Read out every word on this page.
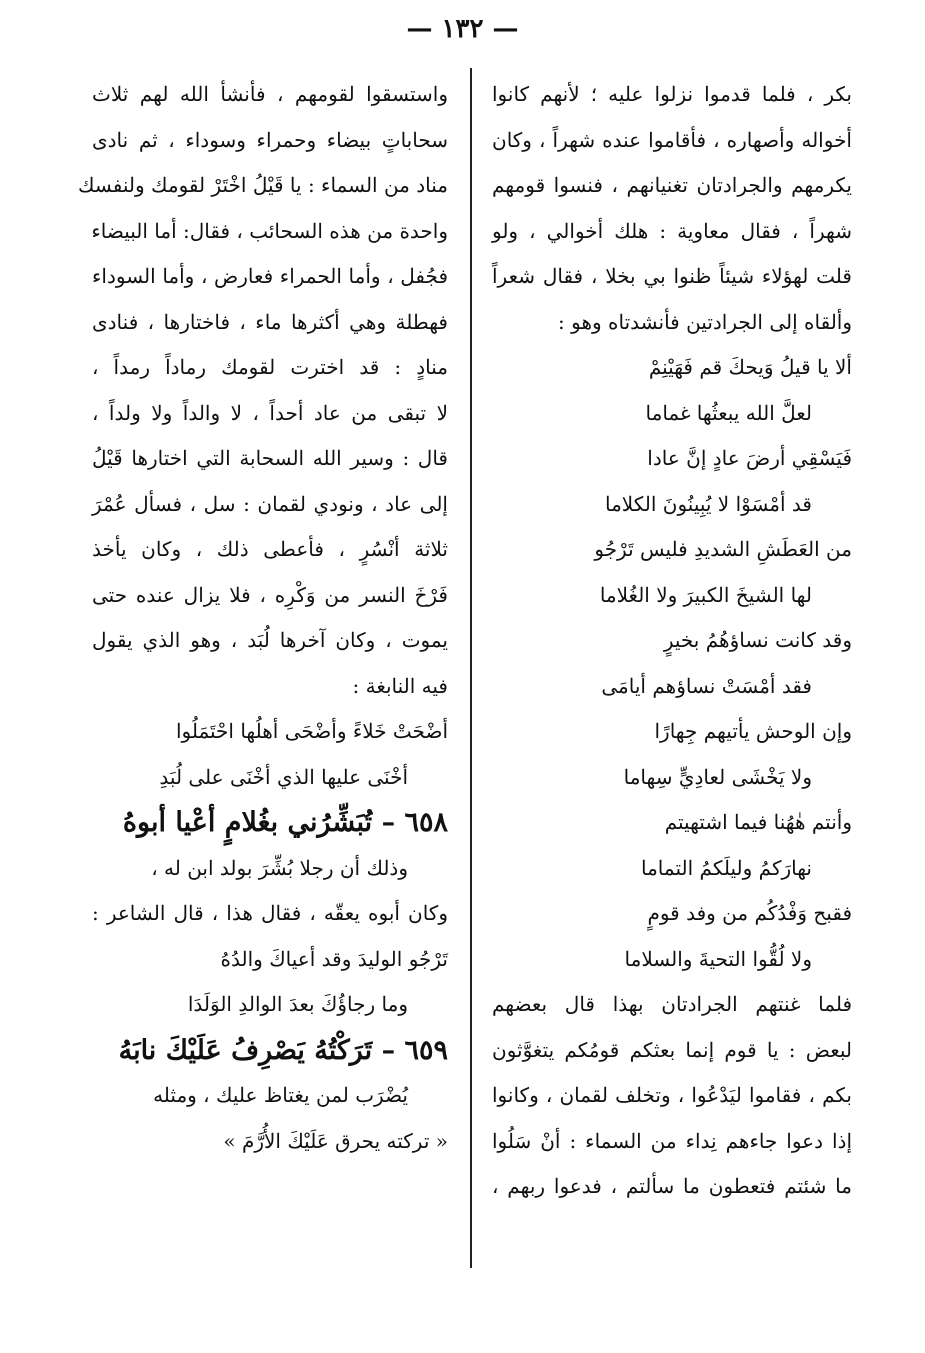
— ١٣٢ —
بكر ، فلما قدموا نزلوا عليه ؛ لأنهم كانوا
أخواله وأصهاره ، فأقاموا عنده شهراً ، وكان
يكرمهم والجرادتان تغنيانهم ، فنسوا قومهم
شهراً ، فقال معاوية : هلك أخوالي ، ولو
قلت لهؤلاء شيئاً ظنوا بي بخلا ، فقال شعراً
وألقاه إلى الجرادتين فأنشدتاه وهو :
ألا يا قيلُ وَيحكَ قم فَهَيْنِمْ
لعلَّ الله يبعثُها غماما
فَيَسْقِي أرضَ عادٍ إنَّ عادا
قد أمْسَوْا لا يُبِينُونَ الكلاما
من العَطَشِ الشديدِ فليس تَرْجُو
لها الشيخَ الكبيرَ ولا الغُلاما
وقد كانت نساؤهُمُ بخيرٍ
فقد أمْسَتْ نساؤهم أيامَى
وإن الوحش يأتيهم جِهارًا
ولا يَخْشَى لعادِيٍّ سِهاما
وأنتم هٰهُنا فيما اشتهيتم
نهارَكمُ وليلَكمُ التماما
فقبح وَفْدُكُم من وفد قومٍ
ولا لُقُّوا التحيةَ والسلاما
فلما غنتهم الجرادتان بهذا قال بعضهم
لبعض : يا قوم إنما بعثكم قومُكم يتغوَّثون
بكم ، فقاموا ليَدْعُوا ، وتخلف لقمان ، وكانوا
إذا دعوا جاءهم نِداء من السماء : أنْ سَلُوا
ما شئتم فتعطون ما سألتم ، فدعوا ربهم ،
واستسقوا لقومهم ، فأنشأ الله لهم ثلاث
سحاباتٍ بيضاء وحمراء وسوداء ، ثم نادى
مناد من السماء : يا قَيْلُ اخْتَرْ لقومك ولنفسك
واحدة من هذه السحائب ، فقال: أما البيضاء
فجُفل ، وأما الحمراء فعارض ، وأما السوداء
فهطلة وهي أكثرها ماء ، فاختارها ، فنادى
منادٍ : قد اخترت لقومك رماداً رمداً ،
لا تبقى من عاد أحداً ، لا والداً ولا ولداً ،
قال : وسير الله السحابة التي اختارها قَيْلُ
إلى عاد ، ونودي لقمان : سل ، فسأل عُمْرَ
ثلاثة أنْسُرٍ ، فأعطى ذلك ، وكان يأخذ
فَرْخَ النسر من وَكْرِه ، فلا يزال عنده حتى
يموت ، وكان آخرها لُبَد ، وهو الذي يقول
فيه النابغة :
أضْحَتْ خَلاءً وأضْحَى أهلُها احْتَمَلُوا
أخْنَى عليها الذي أخْنَى على لُبَدِ
٦٥٨ – تُبَشِّرُني بغُلامٍ أعْيا أبوهُ
وذلك أن رجلا بُشِّرَ بولد ابن له ،
وكان أبوه يعقّه ، فقال هذا ، قال الشاعر :
تَرْجُو الوليدَ وقد أعياكَ والدُهُ
وما رجاؤُكَ بعدَ الوالدِ الوَلَدَا
٦٥٩ – تَرَكْتُهُ يَصْرِفُ عَلَيْكَ نابَهُ
يُضْرَب لمن يغتاظ عليك ، ومثله
« تركته يحرق عَلَيْكَ الأُرَّمَ »
